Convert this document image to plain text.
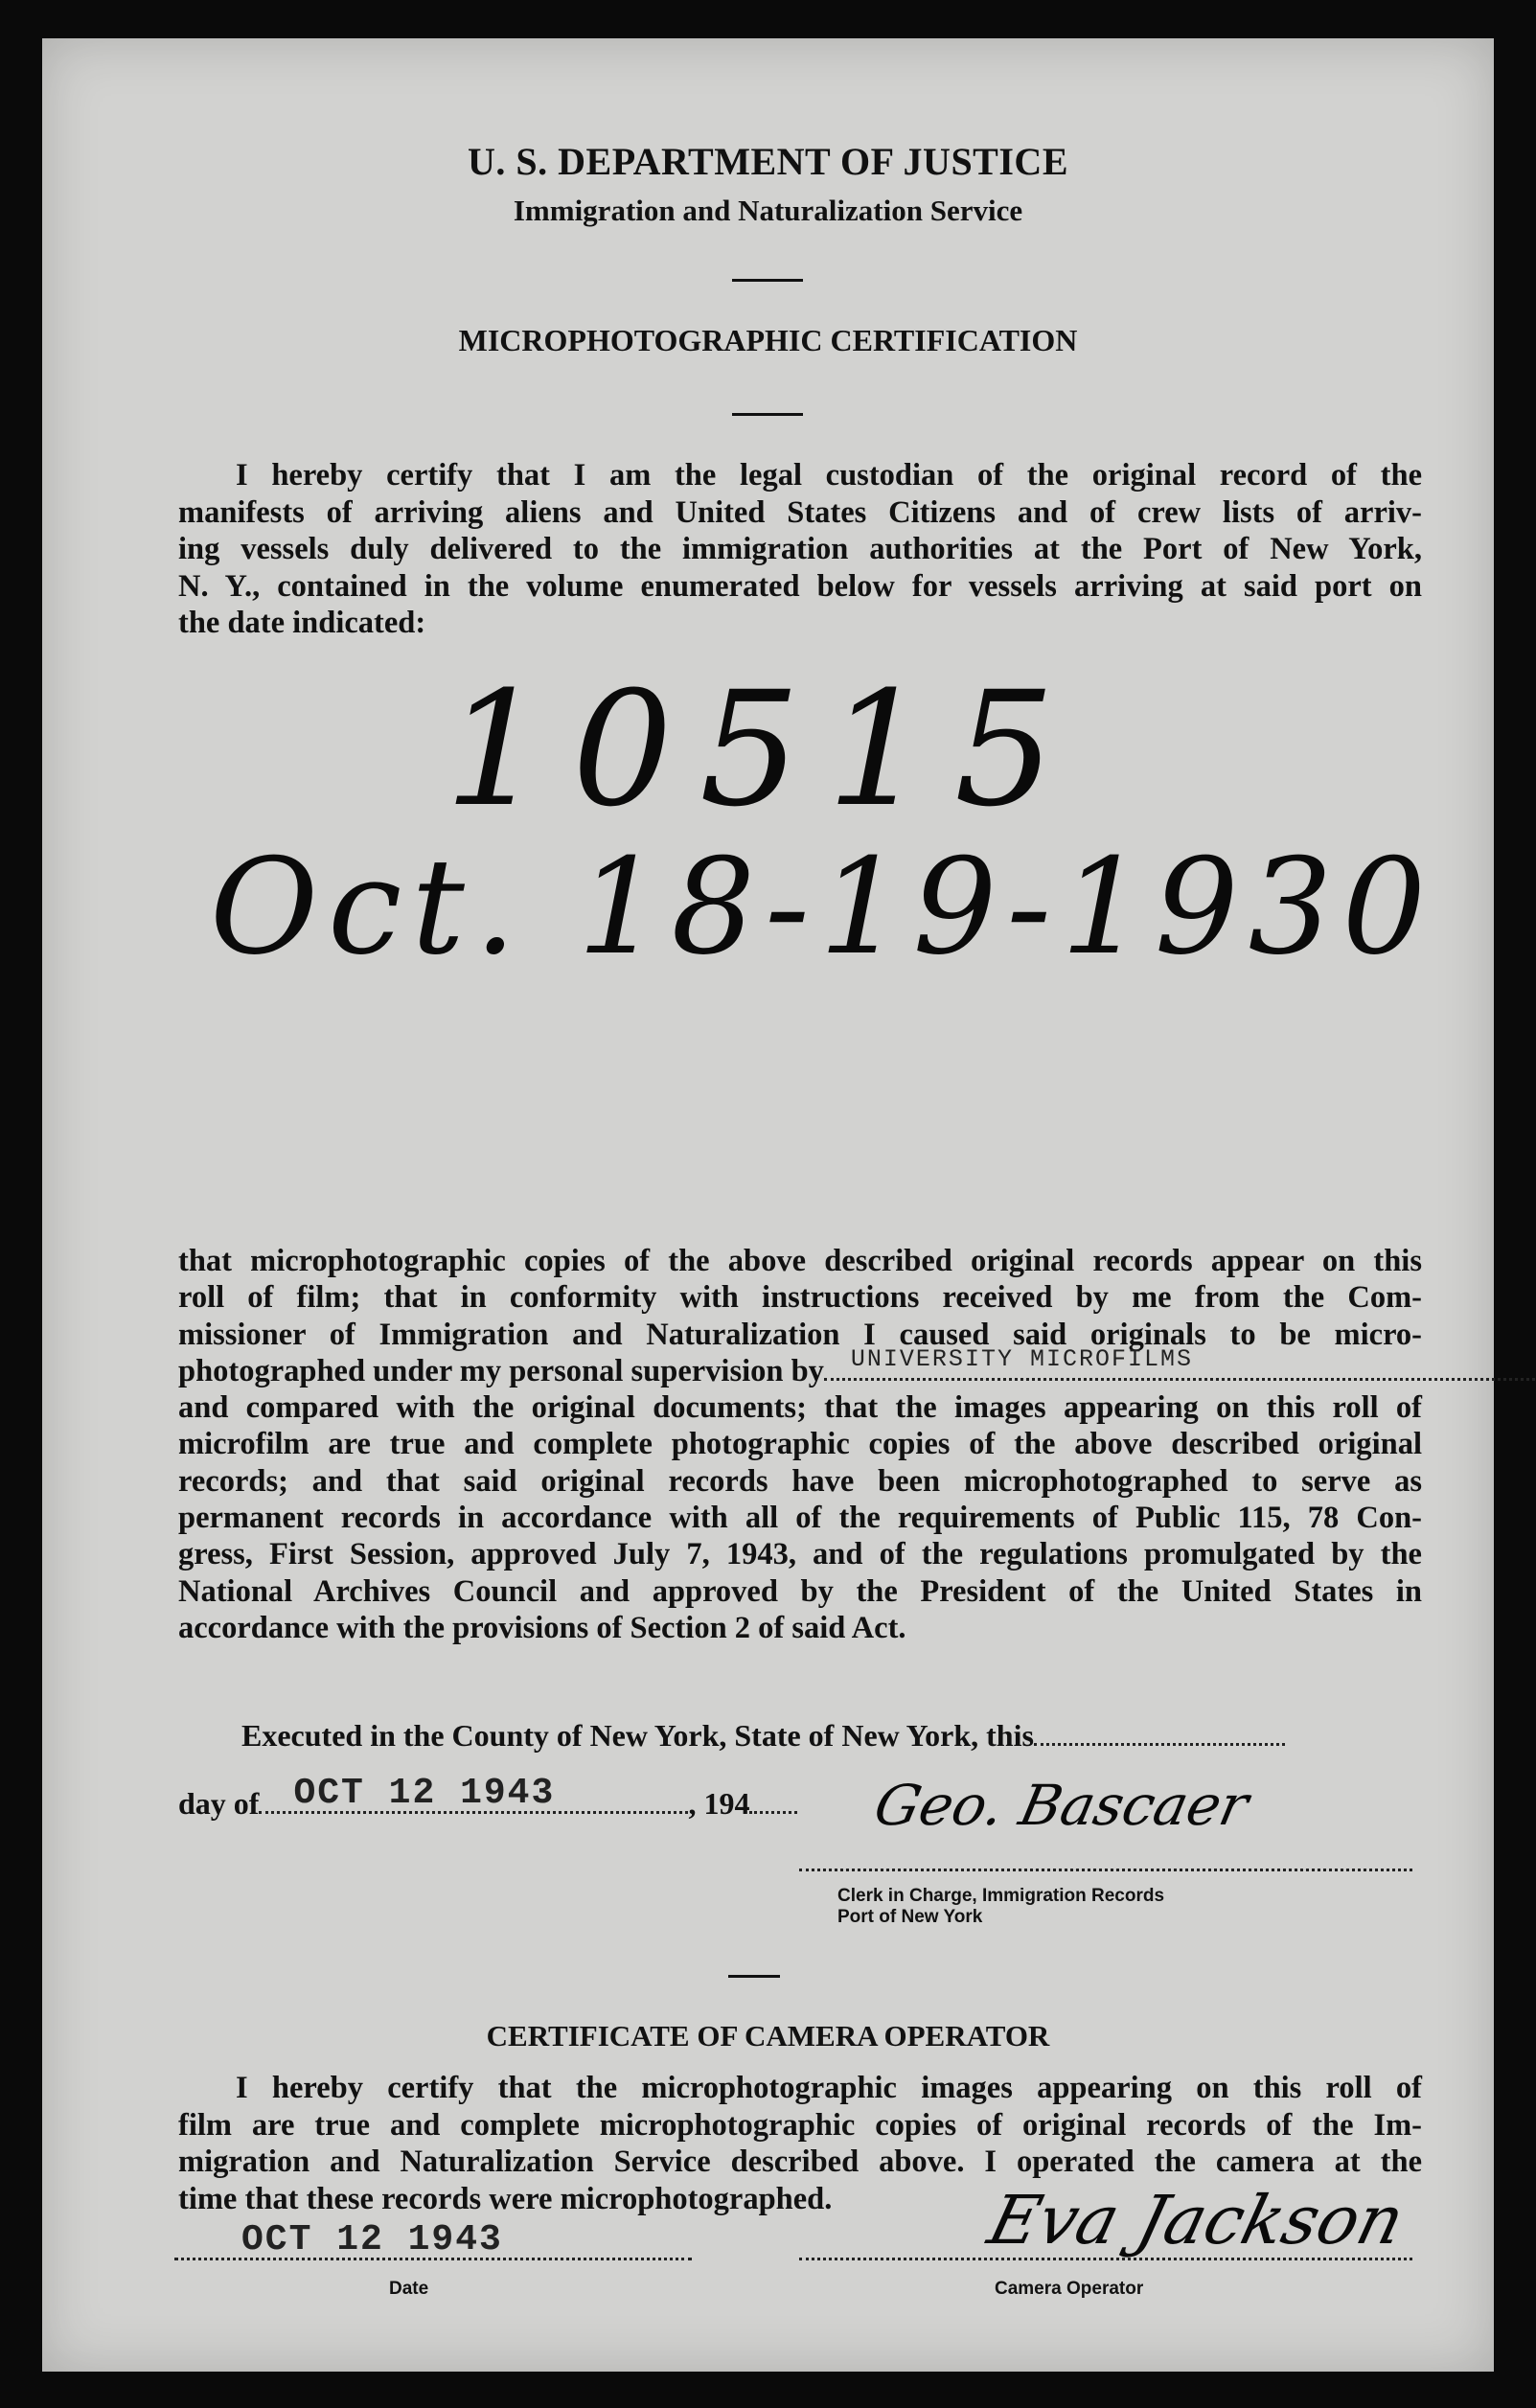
U. S. DEPARTMENT OF JUSTICE
Immigration and Naturalization Service
MICROPHOTOGRAPHIC CERTIFICATION
I hereby certify that I am the legal custodian of the original record of the
manifests of arriving aliens and United States Citizens and of crew lists of arriv-
ing vessels duly delivered to the immigration authorities at the Port of New York,
N. Y., contained in the volume enumerated below for vessels arriving at said port on
the date indicated:
10515
Oct. 18-19-1930
that microphotographic copies of the above described original records appear on this
roll of film; that in conformity with instructions received by me from the Com-
missioner of Immigration and Naturalization I caused said originals to be micro-
photographed under my personal supervision by UNIVERSITY MICROFILMS
and compared with the original documents; that the images appearing on this roll of
microfilm are true and complete photographic copies of the above described original
records; and that said original records have been microphotographed to serve as
permanent records in accordance with all of the requirements of Public 115, 78 Con-
gress, First Session, approved July 7, 1943, and of the regulations promulgated by the
National Archives Council and approved by the President of the United States in
accordance with the provisions of Section 2 of said Act.
Executed in the County of New York, State of New York, this
day of OCT 12 1943	, 194	Geo. Bascaer
Clerk in Charge, Immigration Records
Port of New York
CERTIFICATE OF CAMERA OPERATOR
I hereby certify that the microphotographic images appearing on this roll of
film are true and complete microphotographic copies of original records of the Im-
migration and Naturalization Service described above. I operated the camera at the
time that these records were microphotographed.
OCT 12 1943
Date
Eva Jackson
Camera Operator
